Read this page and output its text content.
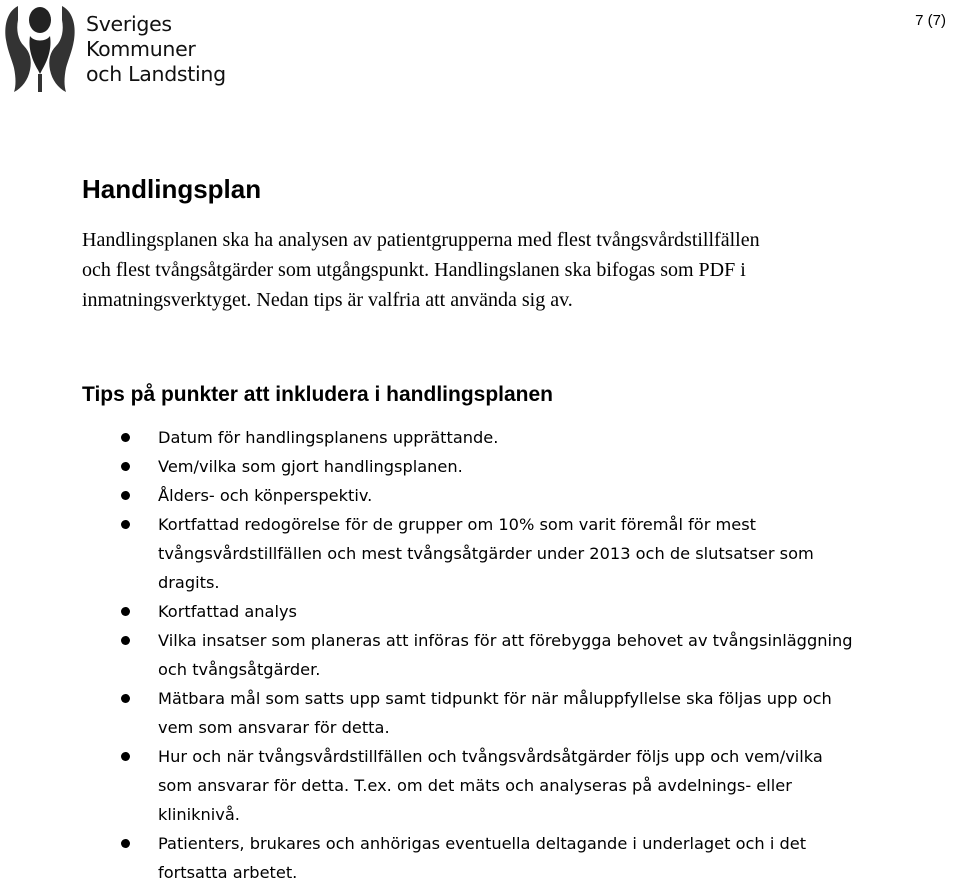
Sveriges
Kommuner
och Landsting
7 (7)
Handlingsplan

Handlingsplanen ska ha analysen av patientgrupperna med flest tvångsvårdstillfällen
och flest tvångsåtgärder som utgångspunkt. Handlingslanen ska bifogas som PDF i
inmatningsverktyget. Nedan tips är valfria att använda sig av.

Tips på punkter att inkludera i handlingsplanen
Datum för handlingsplanens upprättande.
Vem/vilka som gjort handlingsplanen.
Ålders- och könperspektiv.
Kortfattad redogörelse för de grupper om 10% som varit föremål för mest
tvångsvårdstillfällen och mest tvångsåtgärder under 2013 och de slutsatser som
dragits.
Kortfattad analys
Vilka insatser som planeras att införas för att förebygga behovet av tvångsinläggning
och tvångsåtgärder.
Mätbara mål som satts upp samt tidpunkt för när måluppfyllelse ska följas upp och
vem som ansvarar för detta.
Hur och när tvångsvårdstillfällen och tvångsvårdsåtgärder följs upp och vem/vilka
som ansvarar för detta. T.ex. om det mäts och analyseras på avdelnings- eller
kliniknivå.
Patienters, brukares och anhörigas eventuella deltagande i underlaget och i det
fortsatta arbetet.
